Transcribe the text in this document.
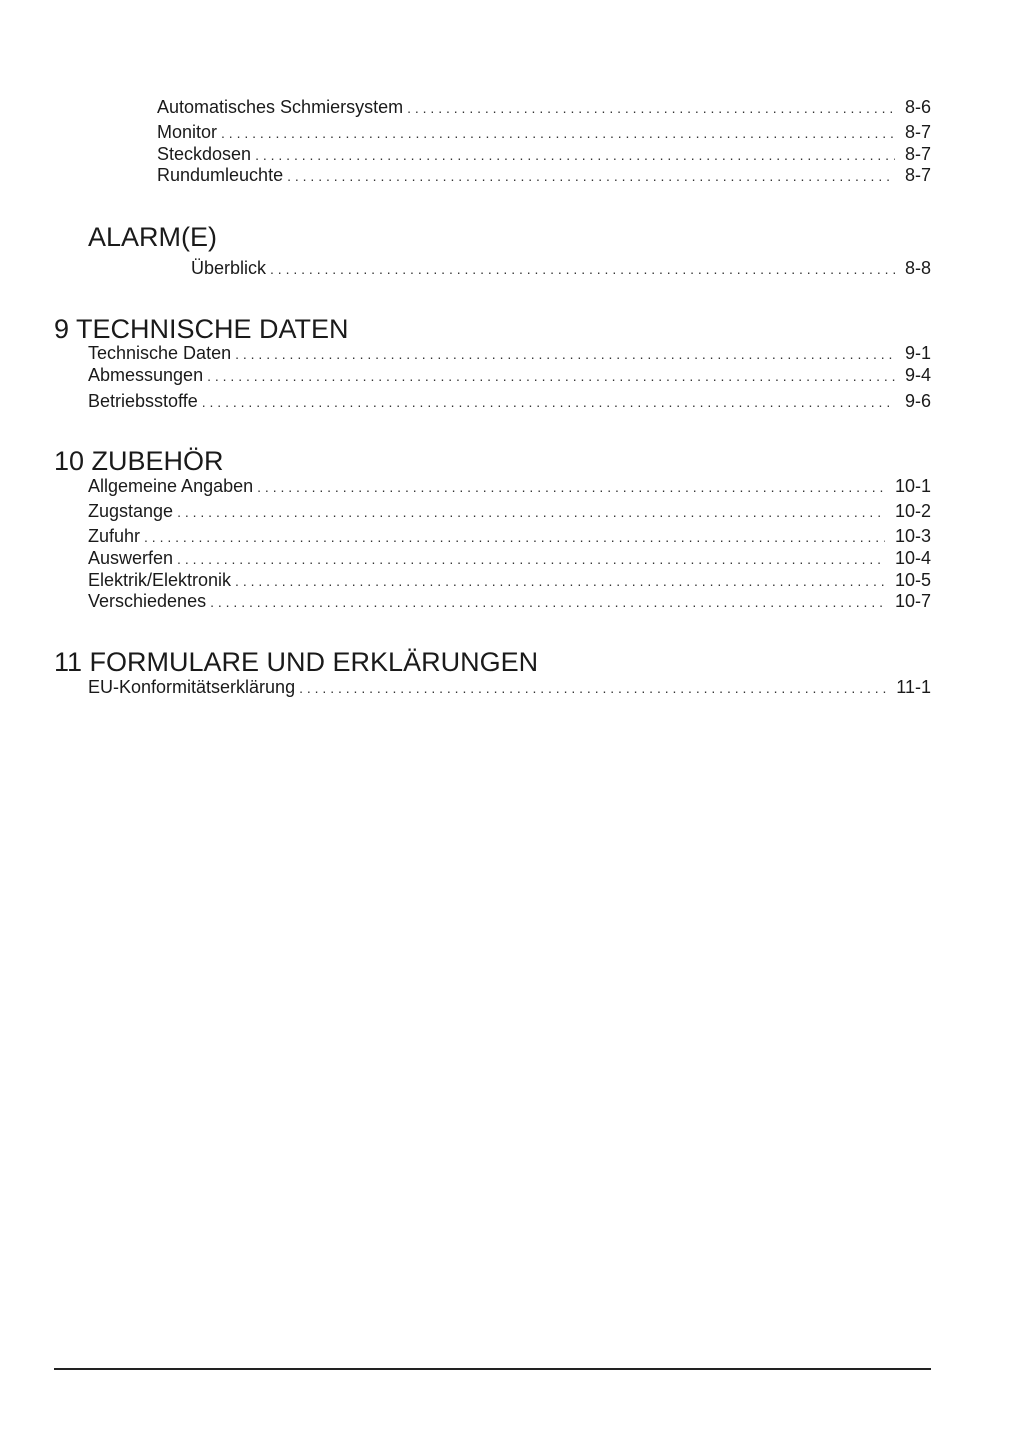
Automatisches Schmiersystem . . .	8-6
Monitor . . .	8-7
Steckdosen . . .	8-7
Rundumleuchte . . .	8-7
ALARM(E)
Überblick . . .	8-8
9 TECHNISCHE DATEN
Technische Daten . . .	9-1
Abmessungen . . .	9-4
Betriebsstoffe . . .	9-6
10 ZUBEHÖR
Allgemeine Angaben . . .	10-1
Zugstange . . .	10-2
Zufuhr . . .	10-3
Auswerfen . . .	10-4
Elektrik/Elektronik . . .	10-5
Verschiedenes . . .	10-7
11 FORMULARE UND ERKLÄRUNGEN
EU-Konformitätserklärung . . .	11-1
